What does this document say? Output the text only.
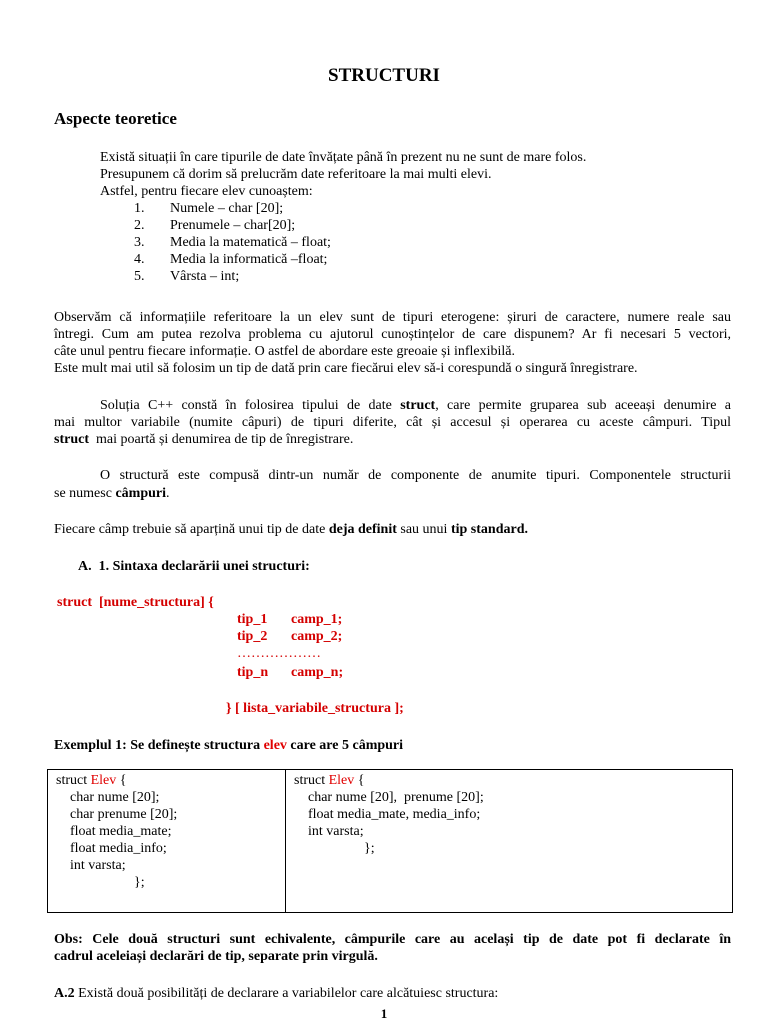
STRUCTURI
Aspecte teoretice
Există situații în care tipurile de date învățate până în prezent nu ne sunt de mare folos.
Presupunem că dorim să prelucrăm date referitoare la mai multi elevi.
Astfel, pentru fiecare elev cunoaștem:
1. Numele – char [20];
2. Prenumele – char[20];
3. Media la matematică – float;
4. Media la informatică –float;
5. Vârsta – int;
Observăm că informațiile referitoare la un elev sunt de tipuri eterogene: șiruri de caractere, numere reale sau
întregi. Cum am putea rezolva problema cu ajutorul cunoștințelor de care dispunem? Ar fi necesari 5 vectori,
câte unul pentru fiecare informație. O astfel de abordare este greoaie și inflexibilă.
Este mult mai util să folosim un tip de dată prin care fiecărui elev să-i corespundă o singură înregistrare.
Soluția C++ constă în folosirea tipului de date struct, care permite gruparea sub aceeași denumire a
mai multor variabile (numite câpuri) de tipuri diferite, cât și accesul și operarea cu aceste câmpuri. Tipul
struct  mai poartă și denumirea de tip de înregistrare.
O structură este compusă dintr-un număr de componente de anumite tipuri. Componentele structurii
se numesc câmpuri.
Fiecare câmp trebuie să aparțină unui tip de date deja definit sau unui tip standard.
A.  1. Sintaxa declarării unei structuri:
struct  [nume_structura] {
tip_1 camp_1;
tip_2 camp_2;
………………
tip_n camp_n;
} [ lista_variabile_structura ];
Exemplul 1: Se definește structura elev care are 5 câmpuri
struct Elev {
char nume [20];
char prenume [20];
float media_mate;
float media_info;
int varsta;
};

struct Elev {
char nume [20],  prenume [20];
float media_mate, media_info;
int varsta;
};
Obs: Cele două structuri sunt echivalente, câmpurile care au același tip de date pot fi declarate în
cadrul aceleiași declarări de tip, separate prin virgulă.
A.2 Există două posibilități de declarare a variabilelor care alcătuiesc structura:
1
